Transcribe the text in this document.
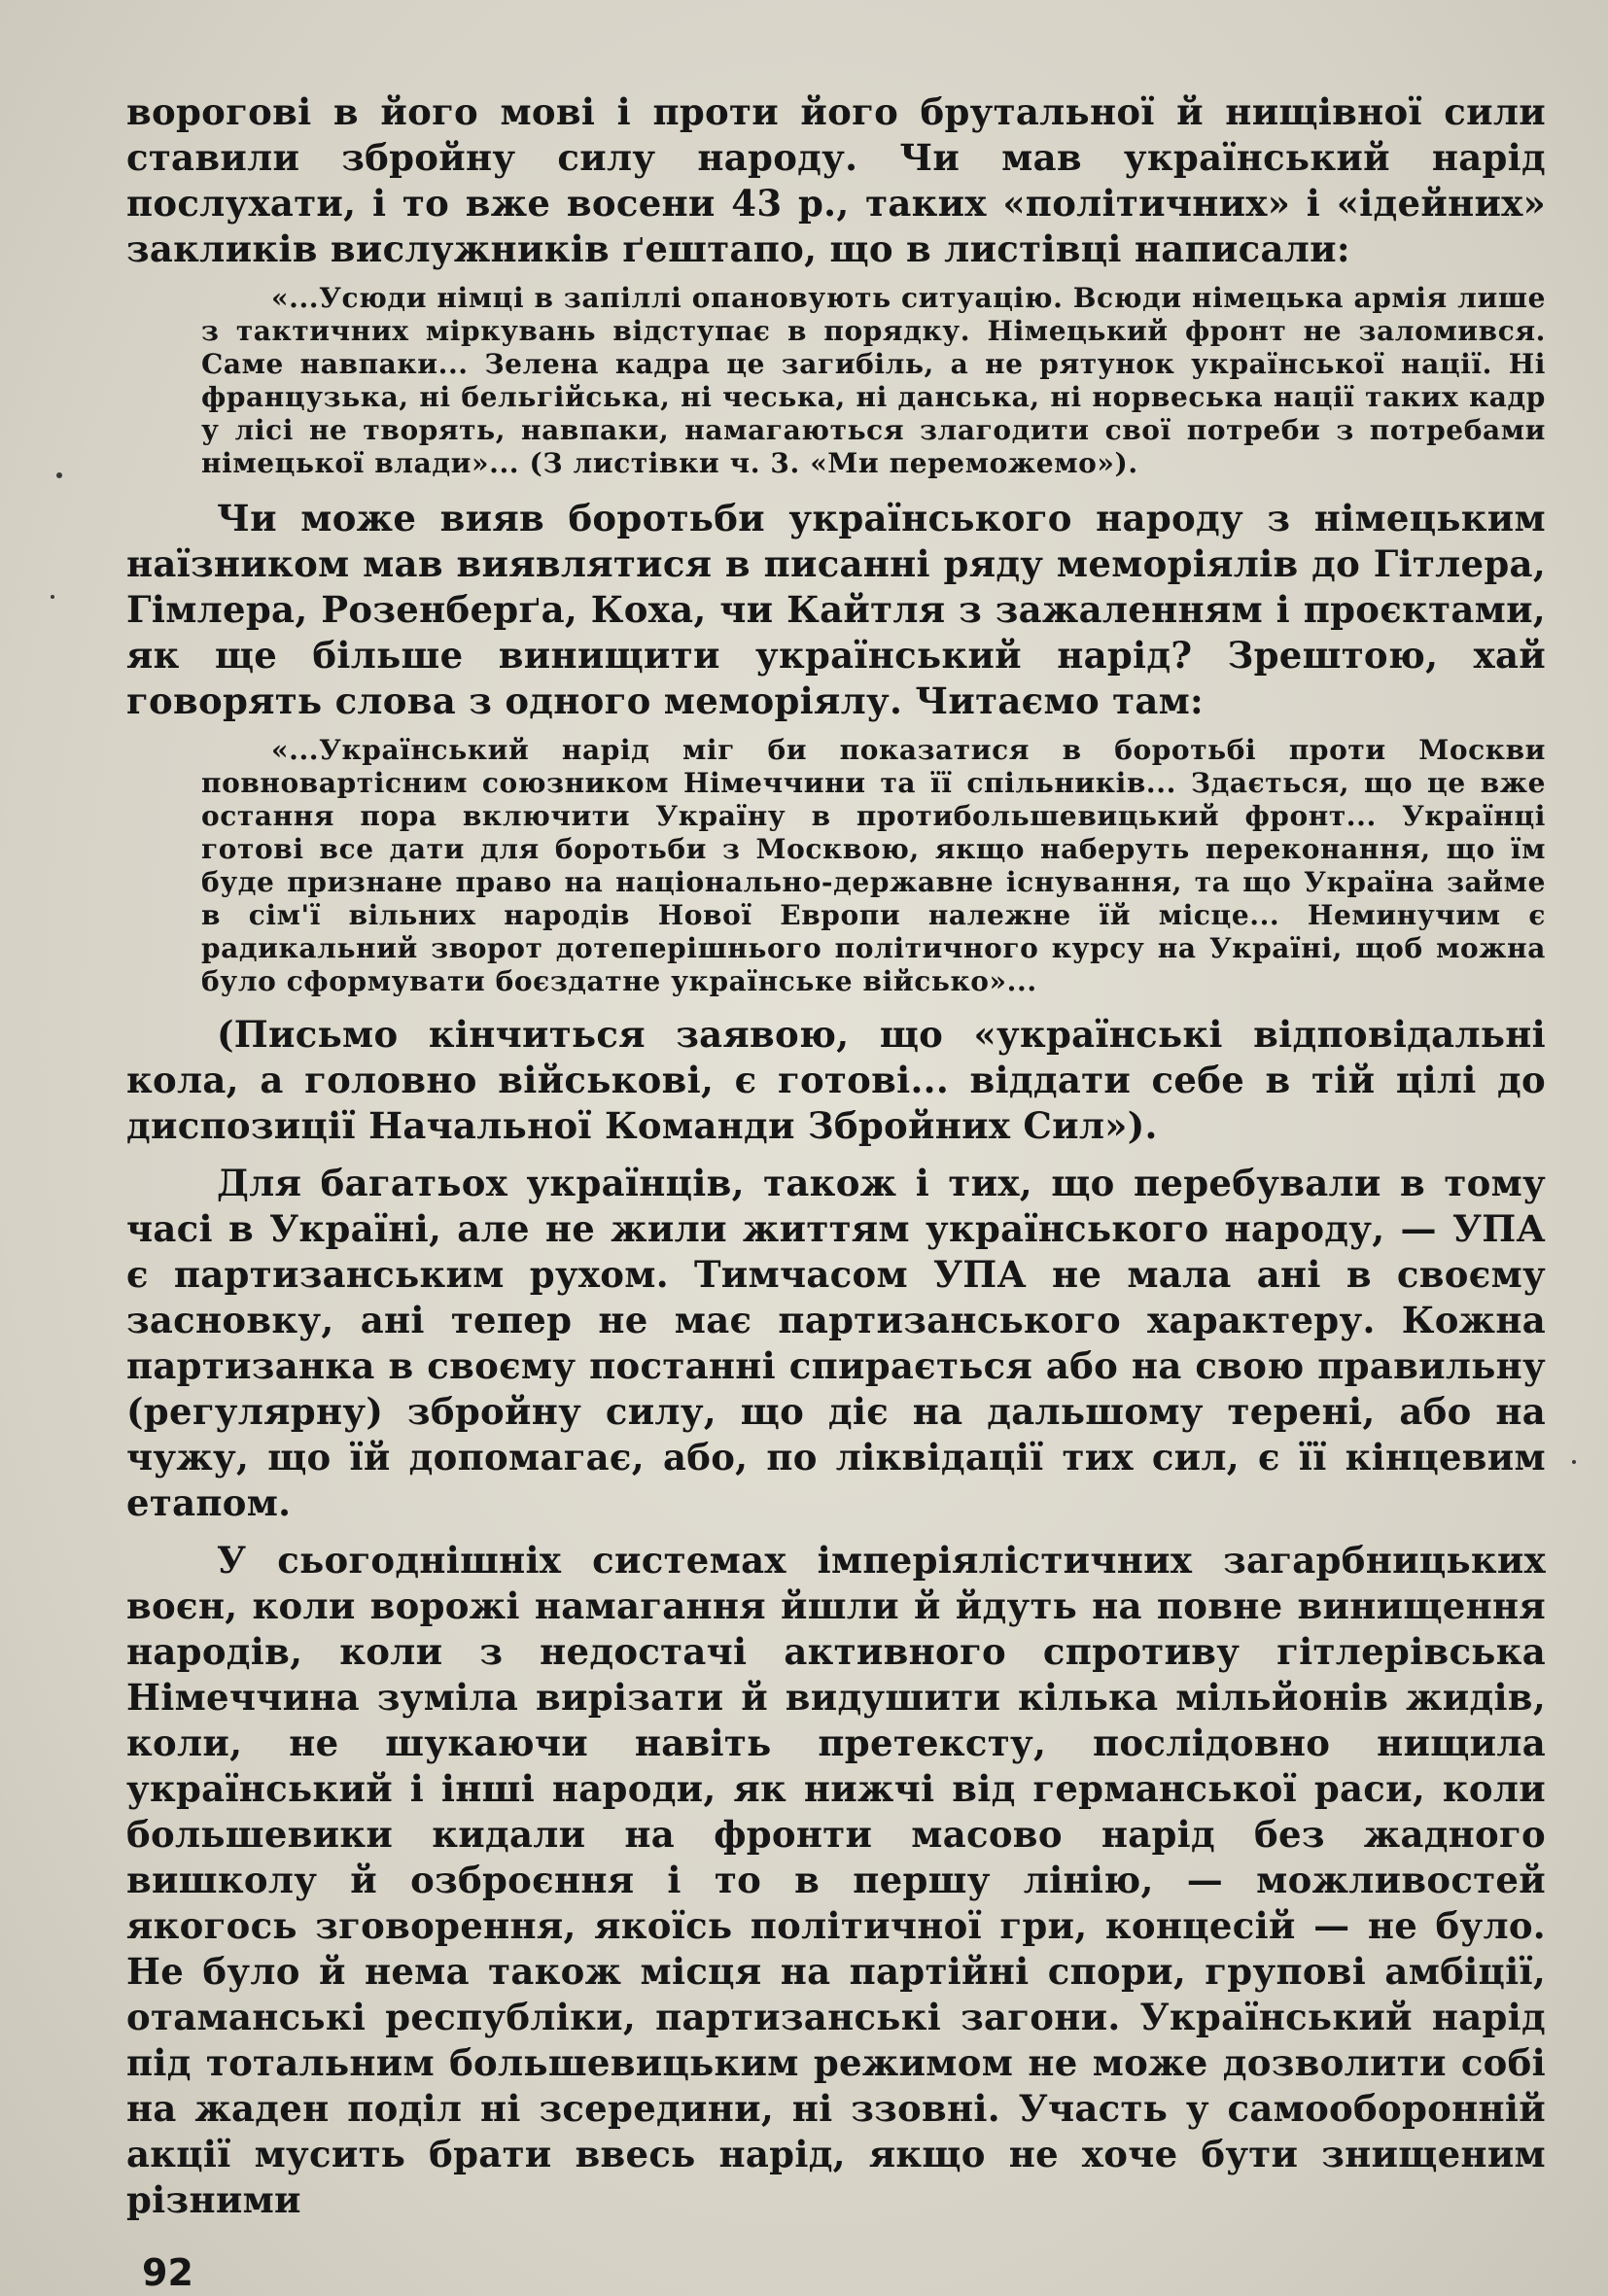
ворогові в його мові і проти його брутальної й нищівної сили ставили збройну силу народу. Чи мав український нарід послухати, і то вже восени 43 р., таких «політичних» і «ідейних» закликів вислужників ґештапо, що в листівці написали:

«...Усюди німці в запіллі опановують ситуацію. Всюди німецька армія лише з тактичних міркувань відступає в порядку. Німецький фронт не заломився. Саме навпаки... Зелена кадра це загибіль, а не рятунок української нації. Ні французька, ні бельгійська, ні чеська, ні данська, ні норвеська нації таких кадр у лісі не творять, навпаки, намагаються злагодити свої потреби з потребами німецької влади»... (З листівки ч. 3. «Ми переможемо»).

Чи може вияв боротьби українського народу з німецьким наїзником мав виявлятися в писанні ряду меморіялів до Гітлера, Гімлера, Розенберґа, Коха, чи Кайтля з зажаленням і проєктами, як ще більше винищити український нарід? Зрештою, хай говорять слова з одного меморіялу. Читаємо там:

«...Український нарід міг би показатися в боротьбі проти Москви повновартісним союзником Німеччини та її спільників... Здається, що це вже остання пора включити Україну в протибольшевицький фронт... Українці готові все дати для боротьби з Москвою, якщо наберуть переконання, що їм буде признане право на національно-державне існування, та що Україна займе в сім'ї вільних народів Нової Европи належне їй місце... Неминучим є радикальний зворот дотеперішнього політичного курсу на Україні, щоб можна було сформувати боєздатне українське військо»...

(Письмо кінчиться заявою, що «українські відповідальні кола, а головно військові, є готові... віддати себе в тій цілі до диспозиції Начальної Команди Збройних Сил»).

Для багатьох українців, також і тих, що перебували в тому часі в Україні, але не жили життям українського народу, — УПА є партизанським рухом. Тимчасом УПА не мала ані в своєму засновку, ані тепер не має партизанського характеру. Кожна партизанка в своєму постанні спирається або на свою правильну (регулярну) збройну силу, що діє на дальшому терені, або на чужу, що їй допомагає, або, по ліквідації тих сил, є її кінцевим етапом.

У сьогоднішніх системах імперіялістичних загарбницьких воєн, коли ворожі намагання йшли й йдуть на повне винищення народів, коли з недостачі активного спротиву гітлерівська Німеччина зуміла вирізати й видушити кілька мільйонів жидів, коли, не шукаючи навіть претексту, послідовно нищила український і інші народи, як нижчі від германської раси, коли большевики кидали на фронти масово нарід без жадного вишколу й озброєння і то в першу лінію, — можливостей якогось зговорення, якоїсь політичної гри, концесій — не було. Не було й нема також місця на партійні спори, групові амбіції, отаманські республіки, партизанські загони. Український нарід під тотальним большевицьким режимом не може дозволити собі на жаден поділ ні зсередини, ні ззовні. Участь у самооборонній акції мусить брати ввесь нарід, якщо не хоче бути знищеним різними

92
